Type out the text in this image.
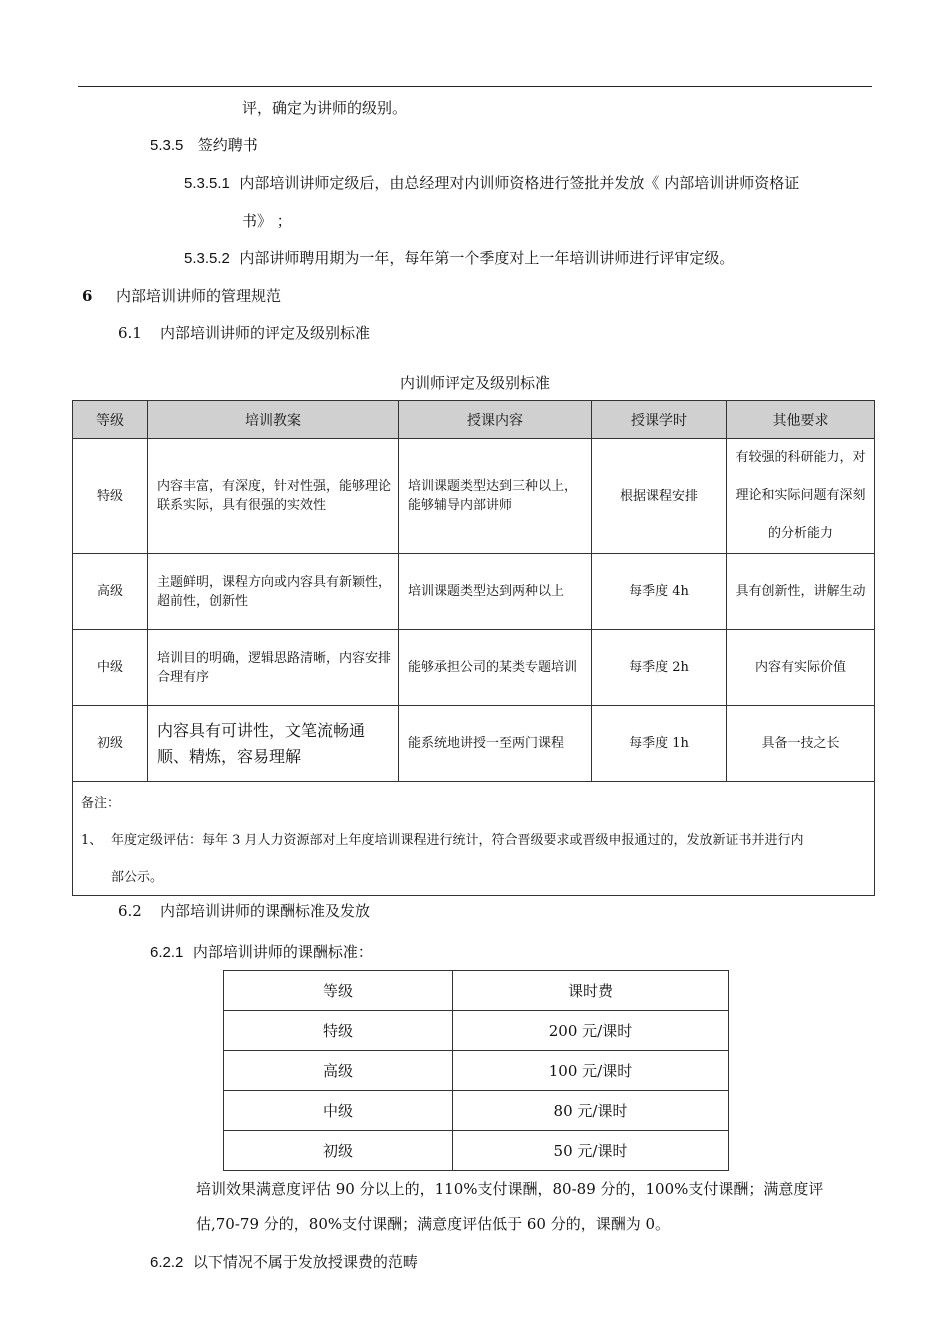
评，确定为讲师的级别。
5.3.5 签约聘书
5.3.5.1 内部培训讲师定级后，由总经理对内训师资格进行签批并发放《 内部培训讲师资格证
书》 ；
5.3.5.2 内部讲师聘用期为一年，每年第一个季度对上一年培训讲师进行评审定级。
6 内部培训讲师的管理规范
6.1 内部培训讲师的评定及级别标准
内训师评定及级别标准
等级	培训教案	授课内容	授课学时	其他要求
特级	内容丰富，有深度，针对性强，能够理论联系实际，具有很强的实效性	培训课题类型达到三种以上，能够辅导内部讲师	根据课程安排	有较强的科研能力，对理论和实际问题有深刻的分析能力
高级	主题鲜明，课程方向或内容具有新颖性，超前性，创新性	培训课题类型达到两种以上	每季度 4h	具有创新性，讲解生动
中级	培训目的明确，逻辑思路清晰，内容安排合理有序	能够承担公司的某类专题培训	每季度 2h	内容有实际价值
初级	内容具有可讲性，文笔流畅通顺、精炼，容易理解	能系统地讲授一至两门课程	每季度 1h	具备一技之长

备注：
1、 年度定级评估：每年 3 月人力资源部对上年度培训课程进行统计，符合晋级要求或晋级申报通过的，发放新证书并进行内
部公示。				
6.2 内部培训讲师的课酬标准及发放
6.2.1 内部培训讲师的课酬标准：
等级	课时费
特级	200 元/课时
高级	100 元/课时
中级	80 元/课时
初级	50 元/课时
培训效果满意度评估 90 分以上的，110%支付课酬，80-89 分的，100%支付课酬；满意度评
估,70-79 分的，80%支付课酬；满意度评估低于 60 分的，课酬为 0。
6.2.2 以下情况不属于发放授课费的范畴
